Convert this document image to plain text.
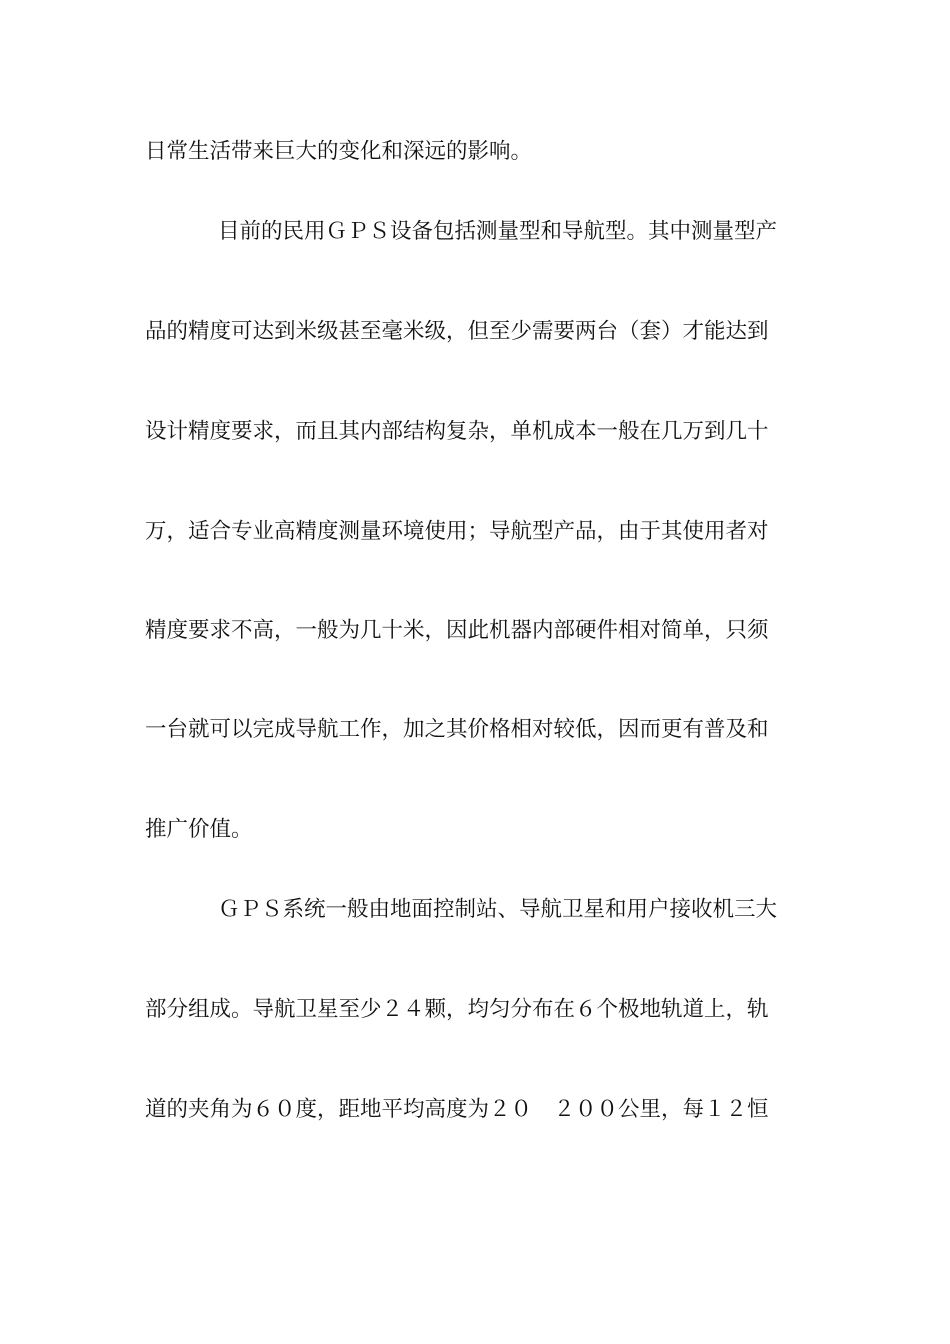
日常生活带来巨大的变化和深远的影响。
目前的民用ＧＰＳ设备包括测量型和导航型。其中测量型产
品的精度可达到米级甚至毫米级，但至少需要两台（套）才能达到
设计精度要求，而且其内部结构复杂，单机成本一般在几万到几十
万，适合专业高精度测量环境使用；导航型产品，由于其使用者对
精度要求不高，一般为几十米，因此机器内部硬件相对简单，只须
一台就可以完成导航工作，加之其价格相对较低，因而更有普及和
推广价值。
ＧＰＳ系统一般由地面控制站、导航卫星和用户接收机三大
部分组成。导航卫星至少２４颗，均匀分布在６个极地轨道上，轨
道的夹角为６０度，距地平均高度为２０　２００公里，每１２恒
